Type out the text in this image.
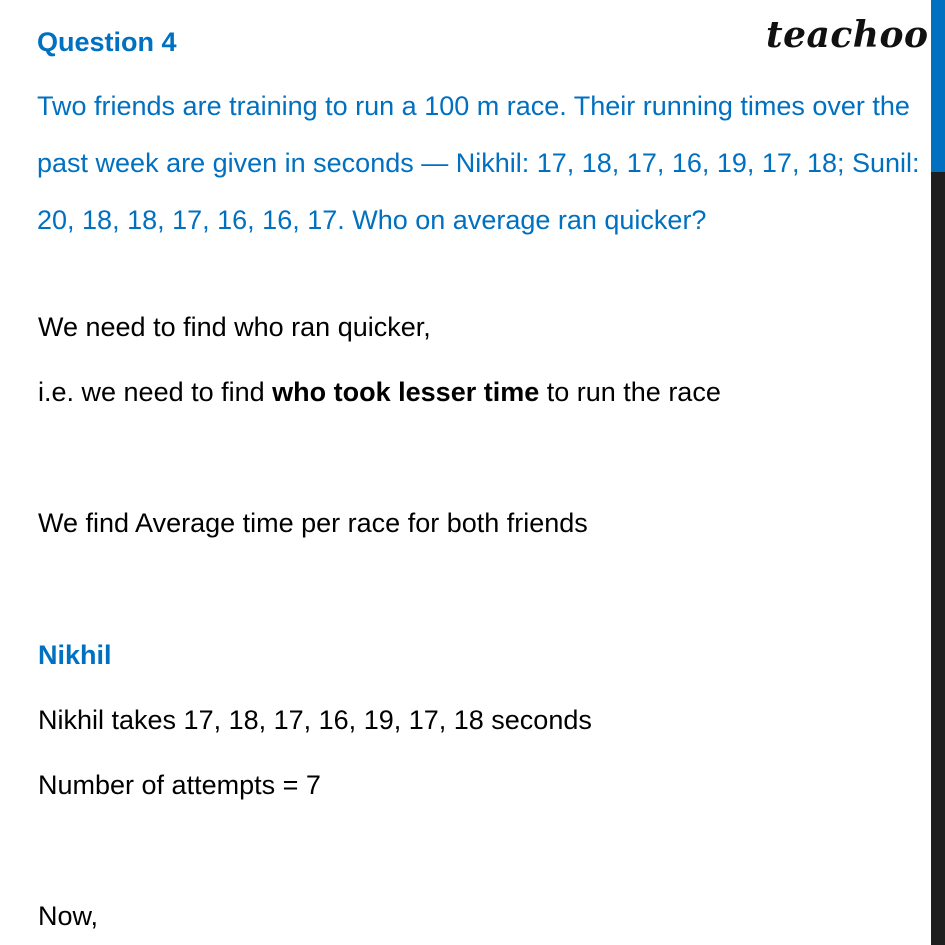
teachoo
Question 4

Two friends are training to run a 100 m race. Their running times over the past week are given in seconds — Nikhil: 17, 18, 17, 16, 19, 17, 18; Sunil: 20, 18, 18, 17, 16, 16, 17. Who on average ran quicker?

We need to find who ran quicker,

i.e. we need to find who took lesser time to run the race

We find Average time per race for both friends

Nikhil

Nikhil takes 17, 18, 17, 16, 19, 17, 18 seconds

Number of attempts = 7

Now,
